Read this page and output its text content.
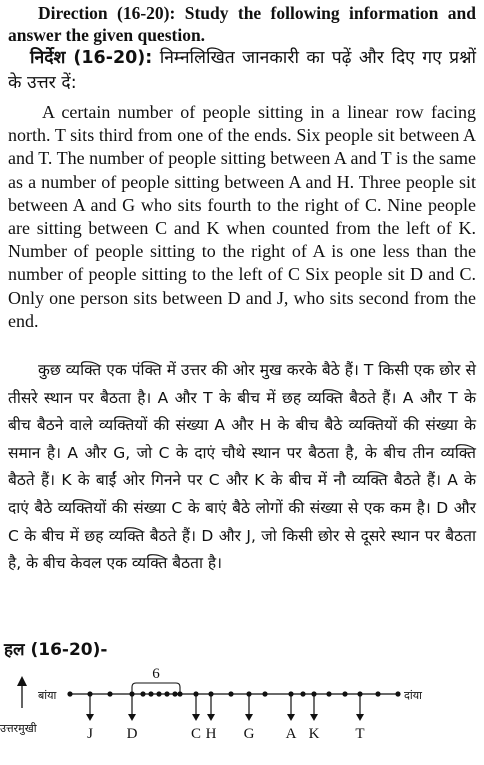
Direction (16-20): Study the following information and answer the given question.
निर्देश (16-20): निम्नलिखित जानकारी का पढ़ें और दिए गए प्रश्नों के उत्तर दें:
A certain number of people sitting in a linear row facing north. T sits third from one of the ends. Six people sit between A and T. The number of people sitting between A and T is the same as a number of people sitting between A and H. Three people sit between A and G who sits fourth to the right of C. Nine people are sitting between C and K when counted from the left of K. Number of people sitting to the right of A is one less than the number of people sitting to the left of C Six people sit D and C. Only one person sits between D and J, who sits second from the end.
कुछ व्यक्ति एक पंक्ति में उत्तर की ओर मुख करके बैठे हैं। T किसी एक छोर से तीसरे स्थान पर बैठता है। A और T के बीच में छह व्यक्ति बैठते हैं। A और T के बीच बैठने वाले व्यक्तियों की संख्या A और H के बीच बैठे व्यक्तियों की संख्या के समान है। A और G, जो C के दाएं चौथे स्थान पर बैठता है, के बीच तीन व्यक्ति बैठते हैं। K के बाईं ओर गिनने पर C और K के बीच में नौ व्यक्ति बैठते हैं। A के दाएं बैठे व्यक्तियों की संख्या C के बाएं बैठे लोगों की संख्या से एक कम है। D और C के बीच में छह व्यक्ति बैठते हैं। D और J, जो किसी छोर से दूसरे स्थान पर बैठता है, के बीच केवल एक व्यक्ति बैठता है।
हल (16-20)-
बांया
उत्तरमुखी
दांया
6
J D	C H G A K T
